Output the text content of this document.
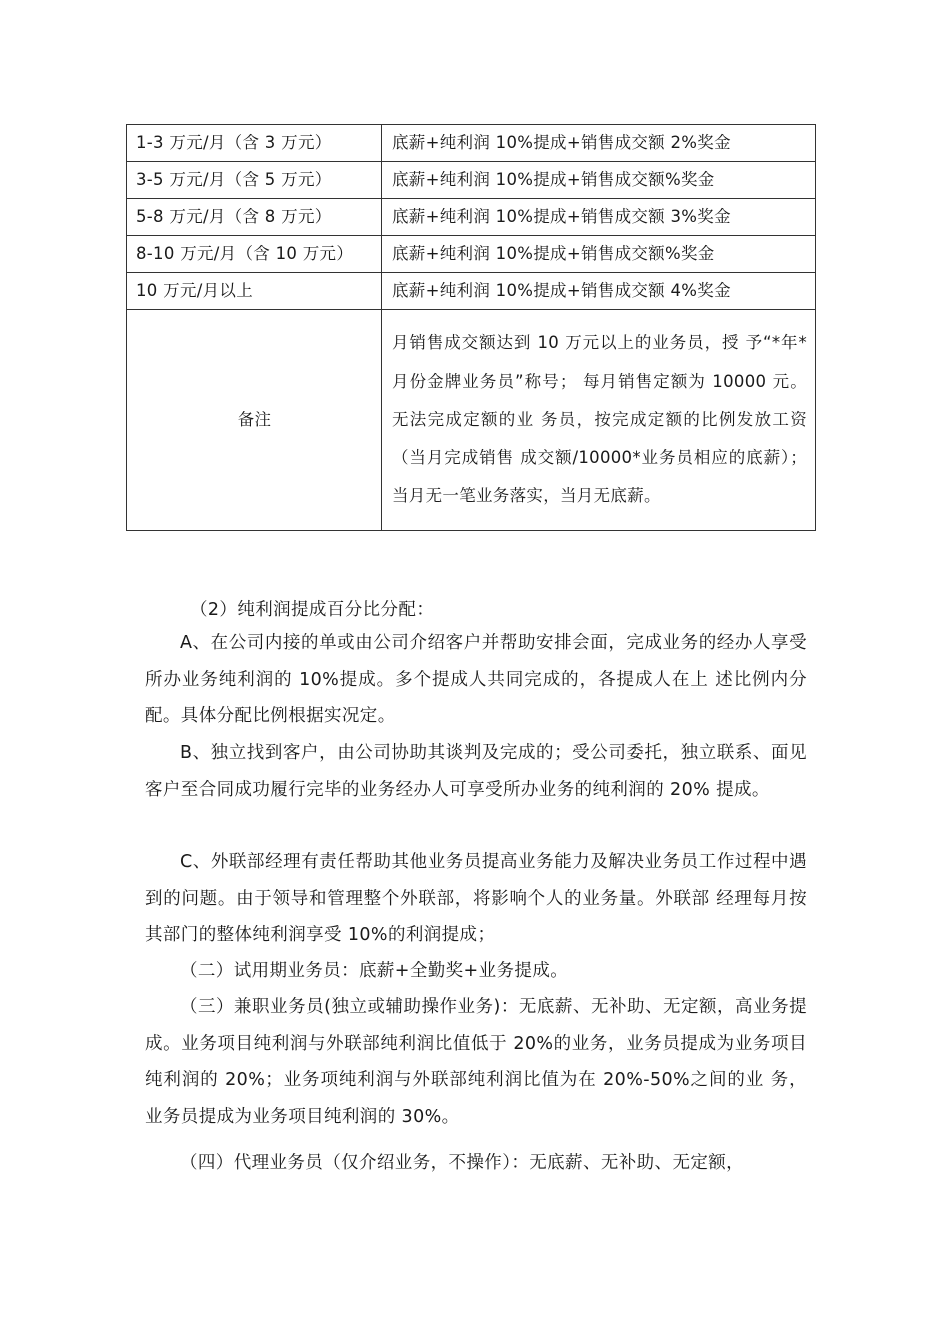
1-3 万元/月（含 3 万元）	底薪+纯利润 10%提成+销售成交额 2%奖金
3-5 万元/月（含 5 万元）	底薪+纯利润 10%提成+销售成交额%奖金
5-8 万元/月（含 8 万元）	底薪+纯利润 10%提成+销售成交额 3%奖金
8-10 万元/月（含 10 万元）	底薪+纯利润 10%提成+销售成交额%奖金
10 万元/月以上	底薪+纯利润 10%提成+销售成交额 4%奖金
备注	月销售成交额达到 10 万元以上的业务员，授 予“*年*月份金牌业务员”称号； 每月销售定额为 10000 元。无法完成定额的业 务员，按完成定额的比例发放工资（当月完成销售 成交额/10000*业务员相应的底薪）；当月无一笔业务落实，当月无底薪。

（2）纯利润提成百分比分配：

A、在公司内接的单或由公司介绍客户并帮助安排会面，完成业务的经办人享受所办业务纯利润的 10%提成。多个提成人共同完成的，各提成人在上 述比例内分配。具体分配比例根据实况定。

B、独立找到客户，由公司协助其谈判及完成的；受公司委托，独立联系、面见客户至合同成功履行完毕的业务经办人可享受所办业务的纯利润的 20% 提成。

C、外联部经理有责任帮助其他业务员提高业务能力及解决业务员工作过程中遇到的问题。由于领导和管理整个外联部，将影响个人的业务量。外联部 经理每月按其部门的整体纯利润享受 10%的利润提成；

（二）试用期业务员：底薪+全勤奖+业务提成。

（三）兼职业务员(独立或辅助操作业务)：无底薪、无补助、无定额，高业务提成。业务项目纯利润与外联部纯利润比值低于 20%的业务，业务员提成为业务项目纯利润的 20%；业务项纯利润与外联部纯利润比值为在 20%-50%之间的业 务，业务员提成为业务项目纯利润的 30%。

（四）代理业务员（仅介绍业务，不操作）：无底薪、无补助、无定额，
